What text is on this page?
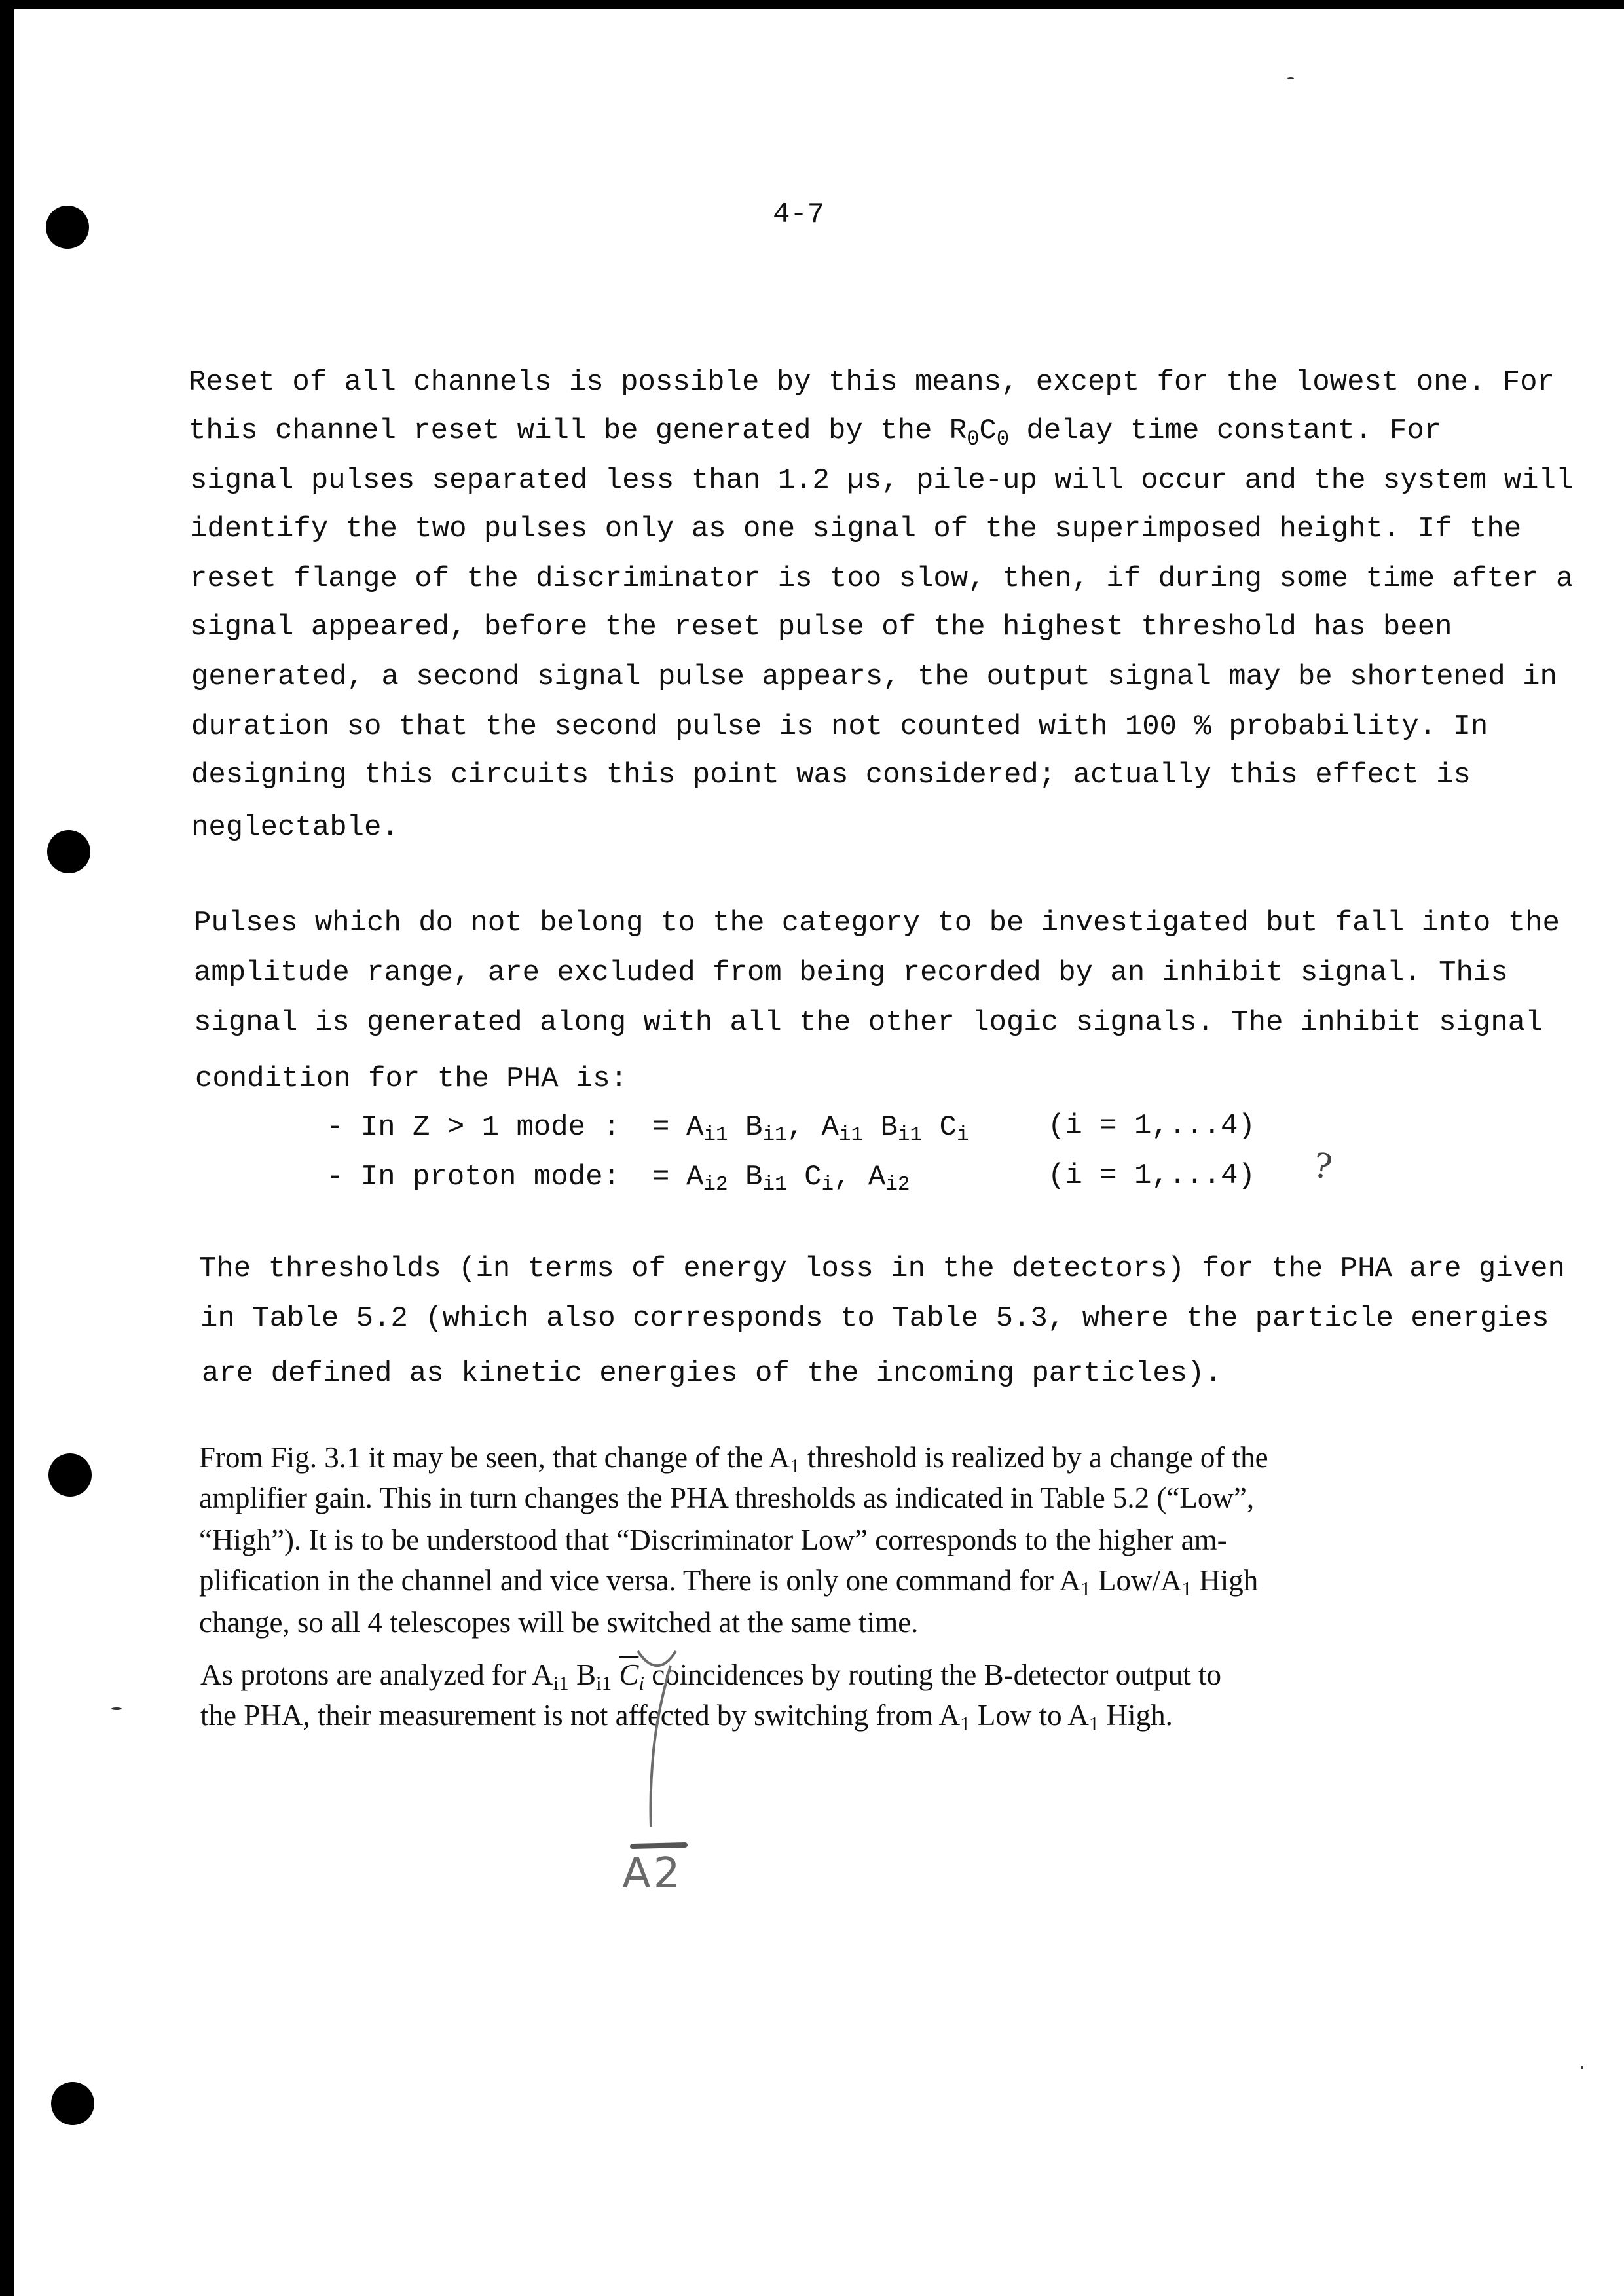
4-7
Reset of all channels is possible by this means, except for the lowest one. For
this channel reset will be generated by the $R_0C_0$ delay time constant. For
signal pulses separated less than 1.2 µs, pile-up will occur and the system will
identify the two pulses only as one signal of the superimposed height. If the
reset flange of the discriminator is too slow, then, if during some time after a
signal appeared, before the reset pulse of the highest threshold has been
generated, a second signal pulse appears, the output signal may be shortened in
duration so that the second pulse is not counted with 100 % probability. In
designing this circuits this point was considered; actually this effect is
neglectable.
Pulses which do not belong to the category to be investigated but fall into the
amplitude range, are excluded from being recorded by an inhibit signal. This
signal is generated along with all the other logic signals. The inhibit signal
condition for the PHA is:
- In Z > 1 mode : = Ai1 Bi1, Ai1 Bi1 Ci	(i = 1,...4)
- In proton mode: = Ai2 Bi1 Ci, Ai2	(i = 1,...4) ?
The thresholds (in terms of energy loss in the detectors) for the PHA are given
in Table 5.2 (which also corresponds to Table 5.3, where the particle energies
are defined as kinetic energies of the incoming particles).
From Fig. 3.1 it may be seen, that change of the A1 threshold is realized by a change of the
amplifier gain. This in turn changes the PHA thresholds as indicated in Table 5.2 (“Low”,
“High”). It is to be understood that “Discriminator Low” corresponds to the higher am-
plification in the channel and vice versa. There is only one command for A1 Low/A1 High
change, so all 4 telescopes will be switched at the same time.
As protons are analyzed for Ai1 Bi1 $\overline{C}i$ coincidences by routing the B-detector output to
the PHA, their measurement is not affected by switching from A1 Low to A1 High.
A2
